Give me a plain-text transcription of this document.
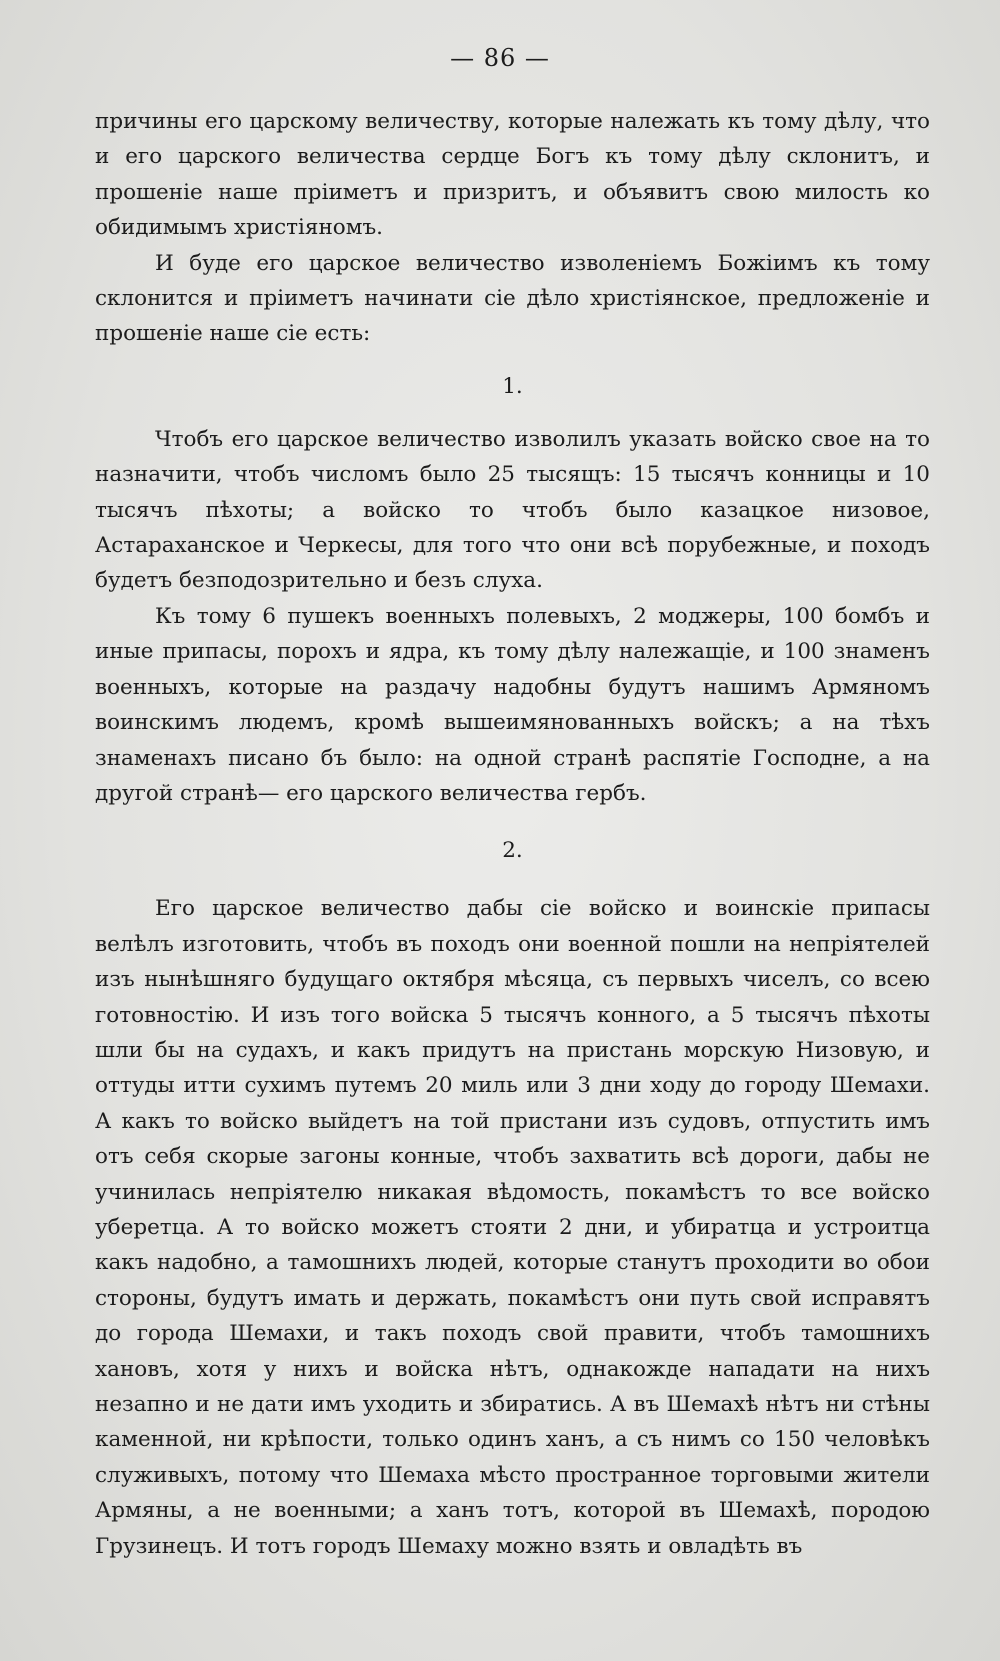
— 86 —

причины его царскому величеству, которые належать къ тому дѣлу, что и его царского величества сердце Богъ къ тому дѣлу склонитъ, и прошеніе наше пріиметъ и призритъ, и объявитъ свою милость ко обидимымъ христіяномъ.

И буде его царское величество изволеніемъ Божіимъ къ тому склонится и пріиметъ начинати сіе дѣло христіянское, предложеніе и прошеніе наше сіе есть:

1.

Чтобъ его царское величество изволилъ указать войско свое на то назначити, чтобъ числомъ было 25 тысящъ: 15 тысячъ конницы и 10 тысячъ пѣхоты; а войско то чтобъ было казацкое низовое, Астараханское и Черкесы, для того что они всѣ порубежные, и походъ будетъ безподозрительно и безъ слуха.

Къ тому 6 пушекъ военныхъ полевыхъ, 2 моджеры, 100 бомбъ и иные припасы, порохъ и ядра, къ тому дѣлу належащіе, и 100 знаменъ военныхъ, которые на раздачу надобны будутъ нашимъ Армяномъ воинскимъ людемъ, кромѣ вышеимянованныхъ войскъ; а на тѣхъ знаменахъ писано бъ было: на одной странѣ распятіе Господне, а на другой странѣ— его царского величества гербъ.

2.

Его царское величество дабы сіе войско и воинскіе припасы велѣлъ изготовить, чтобъ въ походъ они военной пошли на непріятелей изъ нынѣшняго будущаго октября мѣсяца, съ первыхъ чиселъ, со всею готовностію. И изъ того войска 5 тысячъ конного, а 5 тысячъ пѣхоты шли бы на судахъ, и какъ придутъ на пристань морскую Низовую, и оттуды итти сухимъ путемъ 20 миль или 3 дни ходу до городу Шемахи. А какъ то войско выйдетъ на той пристани изъ судовъ, отпустить имъ отъ себя скорые загоны конные, чтобъ захватить всѣ дороги, дабы не учинилась непріятелю никакая вѣдомость, покамѣстъ то все войско уберетца. А то войско можетъ стояти 2 дни, и убиратца и устроитца какъ надобно, а тамошнихъ людей, которые станутъ проходити во обои стороны, будутъ имать и держать, покамѣстъ они путь свой исправятъ до города Шемахи, и такъ походъ свой правити, чтобъ тамошнихъ хановъ, хотя у нихъ и войска нѣтъ, однакожде нападати на нихъ незапно и не дати имъ уходить и збиратись. А въ Шемахѣ нѣтъ ни стѣны каменной, ни крѣпости, только одинъ ханъ, а съ нимъ со 150 человѣкъ служивыхъ, потому что Шемаха мѣсто пространное торговыми жители Армяны, а не военными; а ханъ тотъ, которой въ Шемахѣ, породою Грузинецъ. И тотъ городъ Шемаху можно взять и овладѣть въ
